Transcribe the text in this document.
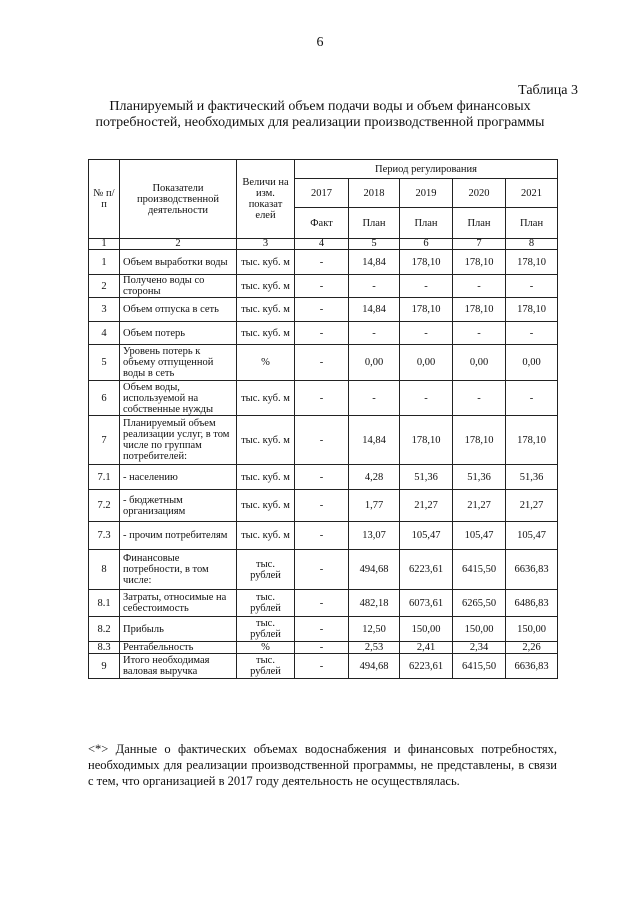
6
Таблица 3
Планируемый и фактический объем подачи воды и объем финансовых
потребностей, необходимых для реализации производственной программы
№ п/п	Показатели производственной деятельности	Величи на изм. показат елей	Период регулирования				
			2017	2018	2019	2020	2021
			Факт	План	План	План	План
1	2	3	4	5	6	7	8
1	Объем выработки воды	тыс. куб. м	-	14,84	178,10	178,10	178,10
2	Получено воды со стороны	тыс. куб. м	-	-	-	-	-
3	Объем отпуска в сеть	тыс. куб. м	-	14,84	178,10	178,10	178,10
4	Объем потерь	тыс. куб. м	-	-	-	-	-
5	Уровень потерь к объему отпущенной воды в сеть	%	-	0,00	0,00	0,00	0,00
6	Объем воды, используемой на собственные нужды	тыс. куб. м	-	-	-	-	-
7	Планируемый объем реализации услуг, в том числе по группам потребителей:	тыс. куб. м	-	14,84	178,10	178,10	178,10
7.1	- населению	тыс. куб. м	-	4,28	51,36	51,36	51,36
7.2	- бюджетным организациям	тыс. куб. м	-	1,77	21,27	21,27	21,27
7.3	- прочим потребителям	тыс. куб. м	-	13,07	105,47	105,47	105,47
8	Финансовые потребности, в том числе:	тыс. рублей	-	494,68	6223,61	6415,50	6636,83
8.1	Затраты, относимые на себестоимость	тыс. рублей	-	482,18	6073,61	6265,50	6486,83
8.2	Прибыль	тыс. рублей	-	12,50	150,00	150,00	150,00
8.3	Рентабельность	%	-	2,53	2,41	2,34	2,26
9	Итого необходимая валовая выручка	тыс. рублей	-	494,68	6223,61	6415,50	6636,83
<*> Данные о фактических объемах водоснабжения и финансовых потребностях, необходимых для реализации производственной программы, не представлены, в связи с тем, что организацией в 2017 году деятельность не осуществлялась.
